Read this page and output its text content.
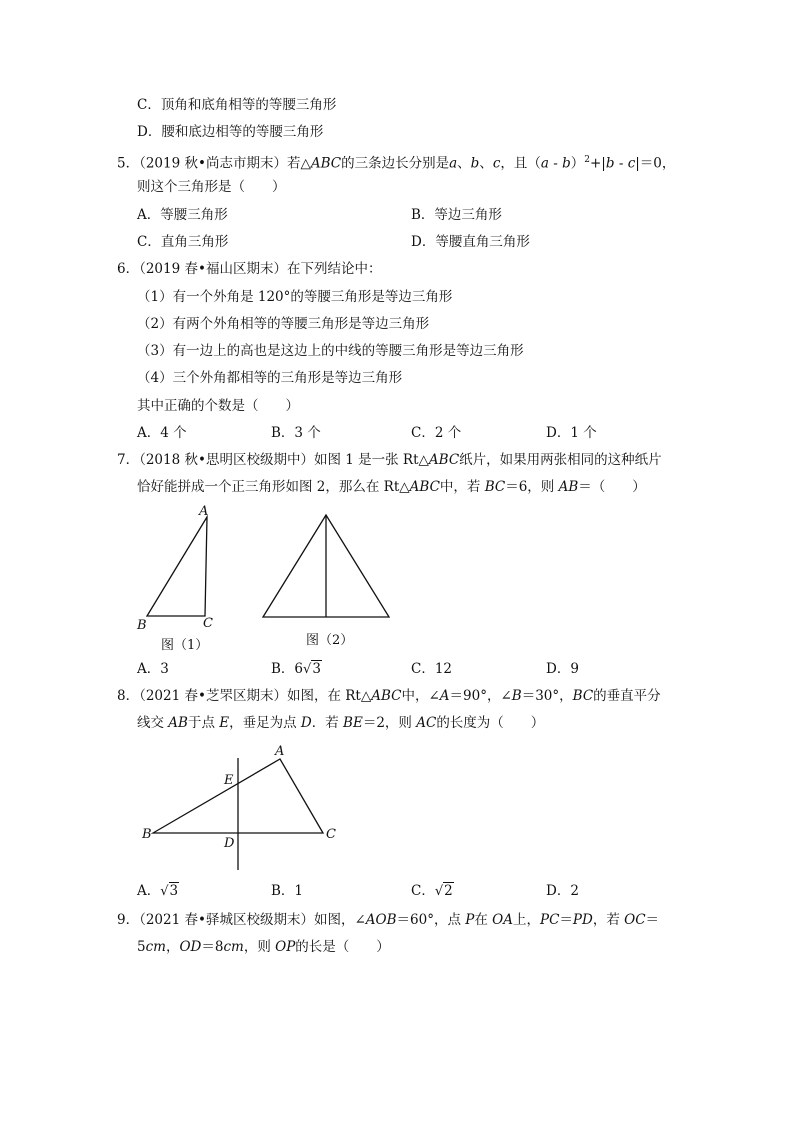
C．顶角和底角相等的等腰三角形
D．腰和底边相等的等腰三角形
5．（2019 秋•尚志市期末）若△ABC的三条边长分别是a、b、c，且（a - b）$^2$+|b - c|＝0，
则这个三角形是（　　）
A．等腰三角形	B．等边三角形
C．直角三角形	D．等腰直角三角形
6．（2019 春•福山区期末）在下列结论中：
（1）有一个外角是 120°的等腰三角形是等边三角形
（2）有两个外角相等的等腰三角形是等边三角形
（3）有一边上的高也是这边上的中线的等腰三角形是等边三角形
（4）三个外角都相等的三角形是等边三角形
其中正确的个数是（　　）
A．4 个	B．3 个	C．2 个	D．1 个
7．（2018 秋•思明区校级期中）如图 1 是一张 Rt△ABC纸片，如果用两张相同的这种纸片
恰好能拼成一个正三角形如图 2，那么在 Rt△ABC中，若 BC＝6，则 AB＝（　　）
A
B	C
图（1）	图（2）
A．3	B．6√3	C．12	D．9
8．（2021 春•芝罘区期末）如图，在 Rt△ABC中，∠A＝90°，∠B＝30°，BC的垂直平分
线交 AB于点 E，垂足为点 D．若 BE＝2，则 AC的长度为（　　）
A
B	C
D
E
A．√3	B．1	C．√2	D．2
9．（2021 春•驿城区校级期末）如图，∠AOB＝60°，点 P在 OA上，PC＝PD，若 OC＝
5cm，OD＝8cm，则 OP的长是（　　）
